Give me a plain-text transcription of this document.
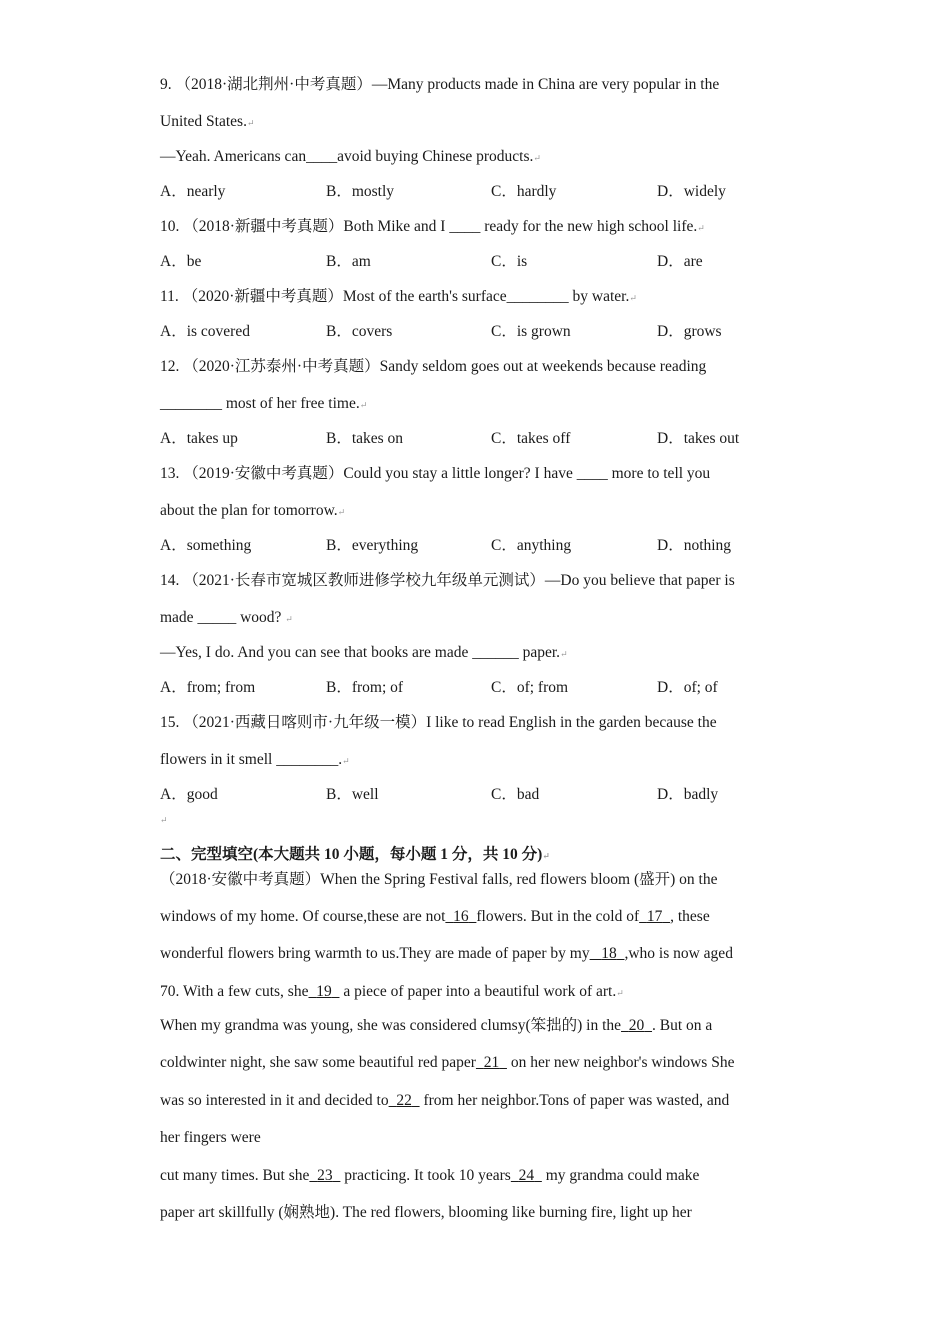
9. （2018·湖北荆州·中考真题）—Many products made in China are very popular in the
United States.↵
—Yeah. Americans can____avoid buying Chinese products.↵
A．nearly	B．mostly	C．hardly	D．widely
10. （2018·新疆中考真题）Both Mike and I ____ ready for the new high school life.↵
A．be	B．am	C．is	D．are
11. （2020·新疆中考真题）Most of the earth's surface________ by water.↵
A．is covered	B．covers	C．is grown	D．grows
12. （2020·江苏泰州·中考真题）Sandy seldom goes out at weekends because reading
________ most of her free time.↵
A．takes up	B．takes on	C．takes off	D．takes out
13. （2019·安徽中考真题）Could you stay a little longer? I have ____ more to tell you
about the plan for tomorrow.↵
A．something	B．everything	C．anything	D．nothing
14. （2021·长春市宽城区教师进修学校九年级单元测试）—Do you believe that paper is
made _____ wood? ↵
—Yes, I do. And you can see that books are made ______ paper.↵
A．from; from	B．from; of	C．of; from	D．of; of
15. （2021·西藏日喀则市·九年级一模）I like to read English in the garden because the
flowers in it smell ________.↵
A．good	B．well	C．bad	D．badly
↵
二、完型填空(本大题共 10 小题，每小题 1 分，共 10 分)↵
（2018·安徽中考真题）When the Spring Festival falls, red flowers bloom (盛开) on the
windows of my home. Of course,these are not 16 flowers. But in the cold of 17 , these
wonderful flowers bring warmth to us.They are made of paper by my 18 ,who is now aged
70. With a few cuts, she 19   a piece of paper into a beautiful work of art.↵
When my grandma was young, she was considered clumsy(笨拙的) in the 20 . But on a
coldwinter night, she saw some beautiful red paper 21   on her new neighbor's windows She
was so interested in it and decided to 22   from her neighbor.Tons of paper was wasted, and
her fingers were
cut many times. But she 23   practicing. It took 10 years 24   my grandma could make
paper art skillfully (娴熟地). The red flowers, blooming like burning fire, light up her
